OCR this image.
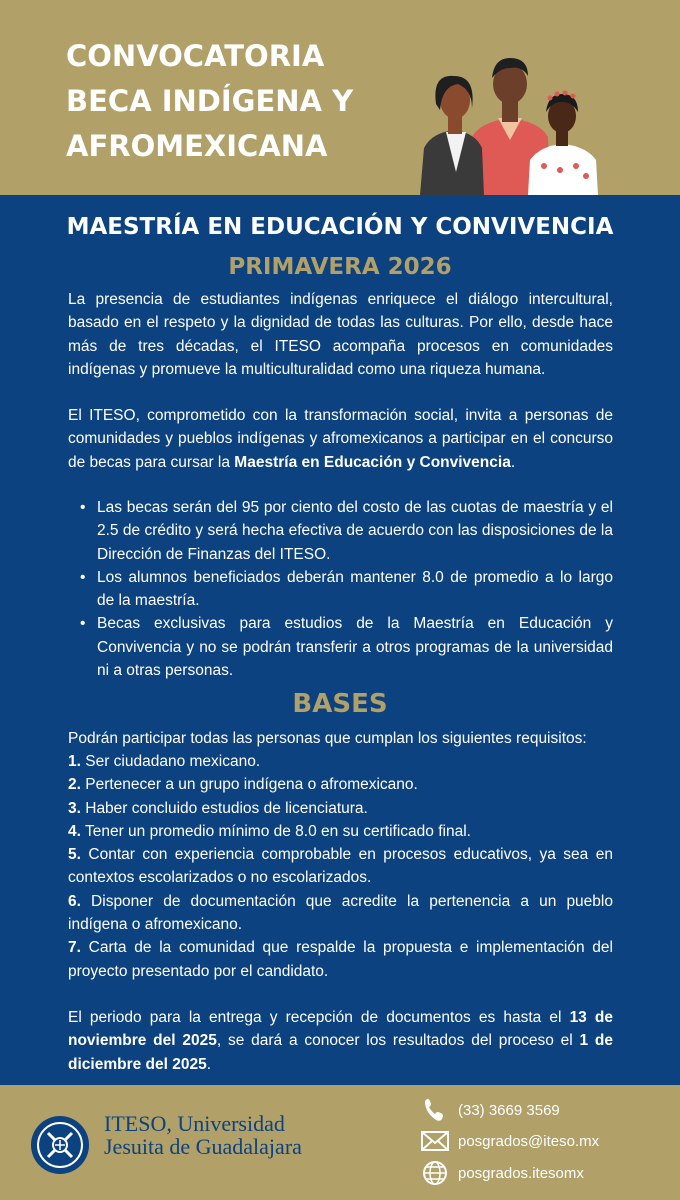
CONVOCATORIA
BECA INDÍGENA Y
AFROMEXICANA
MAESTRÍA EN EDUCACIÓN Y CONVIVENCIA
PRIMAVERA 2026

La presencia de estudiantes indígenas enriquece el diálogo intercultural, basado en el respeto y la dignidad de todas las culturas. Por ello, desde hace más de tres décadas, el ITESO acompaña procesos en comunidades indígenas y promueve la multiculturalidad como una riqueza humana.

El ITESO, comprometido con la transformación social, invita a personas de comunidades y pueblos indígenas y afromexicanos a participar en el concurso de becas para cursar la Maestría en Educación y Convivencia.

• Las becas serán del 95 por ciento del costo de las cuotas de maestría y el 2.5 de crédito y será hecha efectiva de acuerdo con las disposiciones de la Dirección de Finanzas del ITESO.
• Los alumnos beneficiados deberán mantener 8.0 de promedio a lo largo de la maestría.
• Becas exclusivas para estudios de la Maestría en Educación y Convivencia y no se podrán transferir a otros programas de la universidad ni a otras personas.
BASES

Podrán participar todas las personas que cumplan los siguientes requisitos:

1. Ser ciudadano mexicano.
2. Pertenecer a un grupo indígena o afromexicano.
3. Haber concluido estudios de licenciatura.
4. Tener un promedio mínimo de 8.0 en su certificado final.
5. Contar con experiencia comprobable en procesos educativos, ya sea en contextos escolarizados o no escolarizados.
6. Disponer de documentación que acredite la pertenencia a un pueblo indígena o afromexicano.
7. Carta de la comunidad que respalde la propuesta e implementación del proyecto presentado por el candidato.

El periodo para la entrega y recepción de documentos es hasta el 13 de noviembre del 2025, se dará a conocer los resultados del proceso el 1 de diciembre del 2025.

ITESO, Universidad
Jesuita de Guadalajara
(33) 3669 3569
posgrados@iteso.mx
posgrados.itesomx
